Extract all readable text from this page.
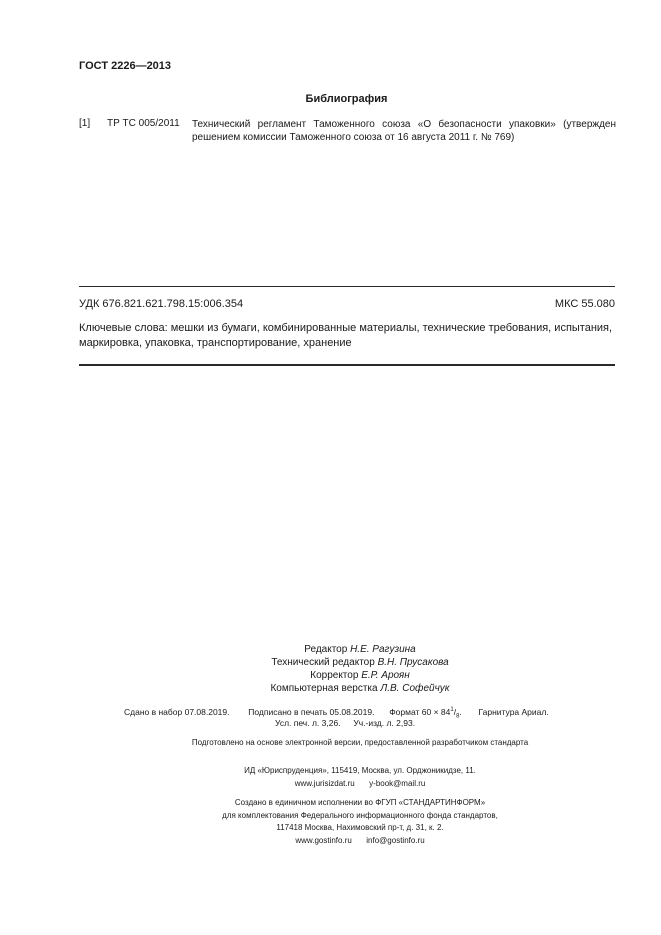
ГОСТ 2226—2013
Библиография
[1] ТР ТС 005/2011 Технический регламент Таможенного союза «О безопасности упаковки» (утвержден решением комиссии Таможенного союза от 16 августа 2011 г. № 769)
УДК 676.821.621.798.15:006.354	МКС 55.080
Ключевые слова: мешки из бумаги, комбинированные материалы, технические требования, испытания, маркировка, упаковка, транспортирование, хранение
Редактор Н.Е. Рагузина
Технический редактор В.Н. Прусакова
Корректор Е.Р. Ароян
Компьютерная верстка Л.В. Софейчук
Сдано в набор 07.08.2019. Подписано в печать 05.08.2019. Формат $60 \times 84^1/_8$.  Гарнитура Ариал.
Усл. печ. л. 3,26. Уч.-изд. л. 2,93.
Подготовлено на основе электронной версии, предоставленной разработчиком стандарта
ИД «Юриспруденция», 115419, Москва, ул. Орджоникидзе, 11.
www.jurisizdat.ru y-book@mail.ru
Создано в единичном исполнении во ФГУП «СТАНДАРТИНФОРМ»
для комплектования Федерального информационного фонда стандартов,
117418 Москва, Нахимовский пр-т, д. 31, к. 2.
www.gostinfo.ru info@gostinfo.ru
